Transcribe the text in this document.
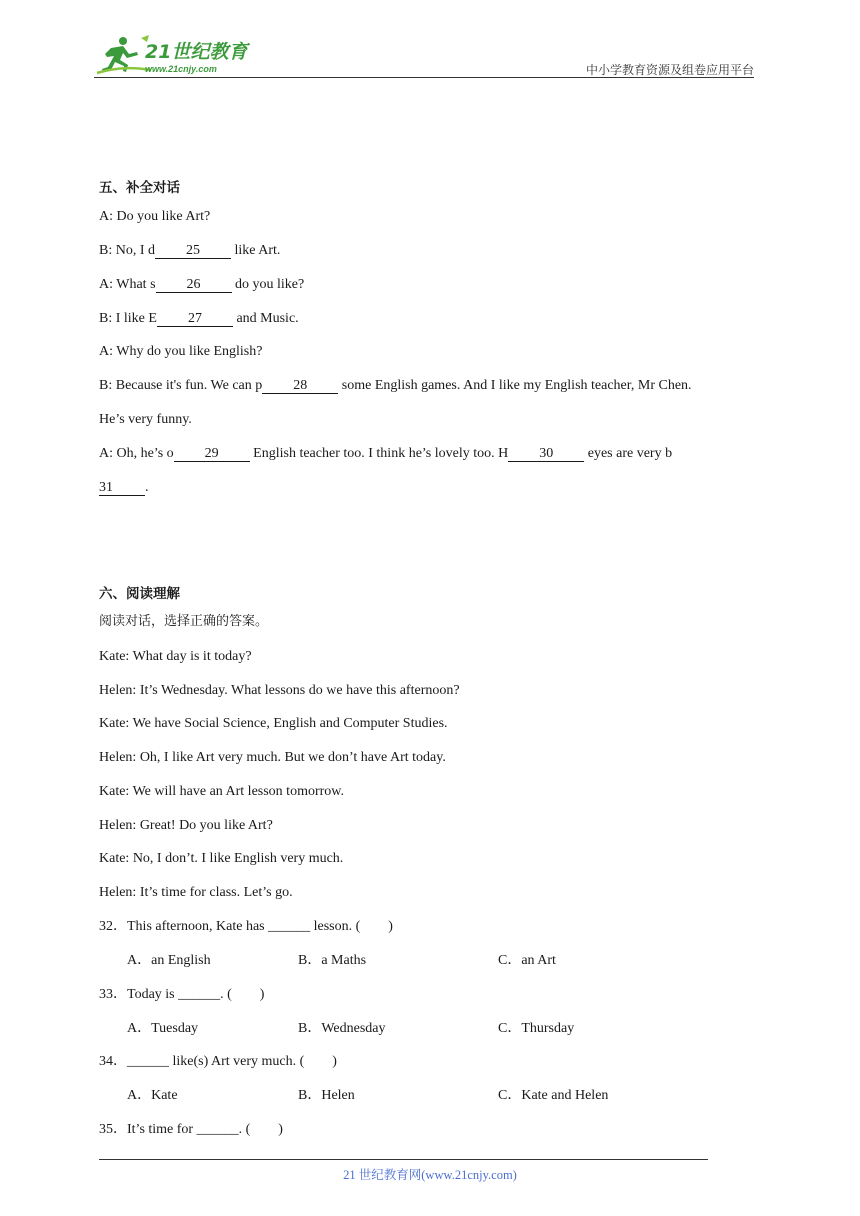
21世纪教育
www.21cnjy.com	中小学教育资源及组卷应用平台
五、补全对话
A: Do you like Art?
B: No, I d 25 like Art.
A: What s 26 do you like?
B: I like E 27 and Music.
A: Why do you like English?
B: Because it's fun. We can p 28 some English games. And I like my English teacher, Mr Chen.
He’s very funny.
A: Oh, he’s o 29 English teacher too. I think he’s lovely too. H 30 eyes are very b
31 .
六、阅读理解
阅读对话，选择正确的答案。
Kate: What day is it today?
Helen: It’s Wednesday. What lessons do we have this afternoon?
Kate: We have Social Science, English and Computer Studies.
Helen: Oh, I like Art very much. But we don’t have Art today.
Kate: We will have an Art lesson tomorrow.
Helen: Great! Do you like Art?
Kate: No, I don’t. I like English very much.
Helen: It’s time for class. Let’s go.
32．This afternoon, Kate has ______ lesson. (　　)
A．an English	B．a Maths	C．an Art
33．Today is ______. (　　)
A．Tuesday	B．Wednesday	C．Thursday
34．______ like(s) Art very much. (　　)
A．Kate	B．Helen	C．Kate and Helen
35．It’s time for ______. (　　)
21 世纪教育网(www.21cnjy.com)
